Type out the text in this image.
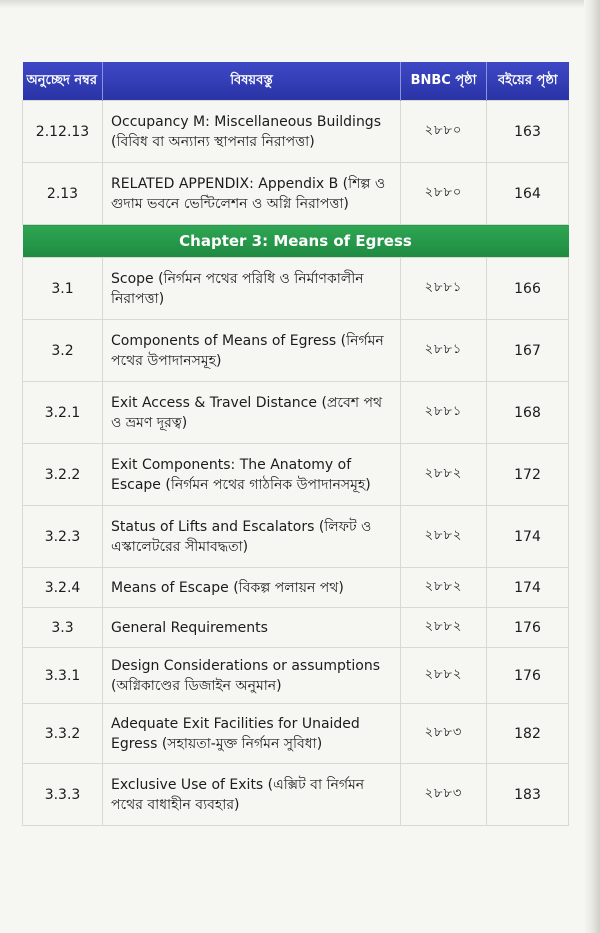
অনুচ্ছেদ নম্বর	বিষয়বস্তু	BNBC পৃষ্ঠা	বইয়ের পৃষ্ঠা
2.12.13	Occupancy M: Miscellaneous Buildings (বিবিধ বা অন্যান্য স্থাপনার নিরাপত্তা)	২৮৮০	163
2.13	RELATED APPENDIX: Appendix B (শিল্প ও গুদাম ভবনে ভেন্টিলেশন ও অগ্নি নিরাপত্তা)	২৮৮০	164
Chapter 3: Means of Egress			
3.1	Scope (নির্গমন পথের পরিধি ও নির্মাণকালীন নিরাপত্তা)	২৮৮১	166
3.2	Components of Means of Egress (নির্গমন পথের উপাদানসমূহ)	২৮৮১	167
3.2.1	Exit Access & Travel Distance (প্রবেশ পথ ও ভ্রমণ দূরত্ব)	২৮৮১	168
3.2.2	Exit Components: The Anatomy of Escape (নির্গমন পথের গাঠনিক উপাদানসমূহ)	২৮৮২	172
3.2.3	Status of Lifts and Escalators (লিফট ও এস্কালেটরের সীমাবদ্ধতা)	২৮৮২	174
3.2.4	Means of Escape (বিকল্প পলায়ন পথ)	২৮৮২	174
3.3	General Requirements	২৮৮২	176
3.3.1	Design Considerations or assumptions (অগ্নিকাণ্ডের ডিজাইন অনুমান)	২৮৮২	176
3.3.2	Adequate Exit Facilities for Unaided Egress (সহায়তা-মুক্ত নির্গমন সুবিধা)	২৮৮৩	182
3.3.3	Exclusive Use of Exits (এক্সিট বা নির্গমন পথের বাধাহীন ব্যবহার)	২৮৮৩	183
